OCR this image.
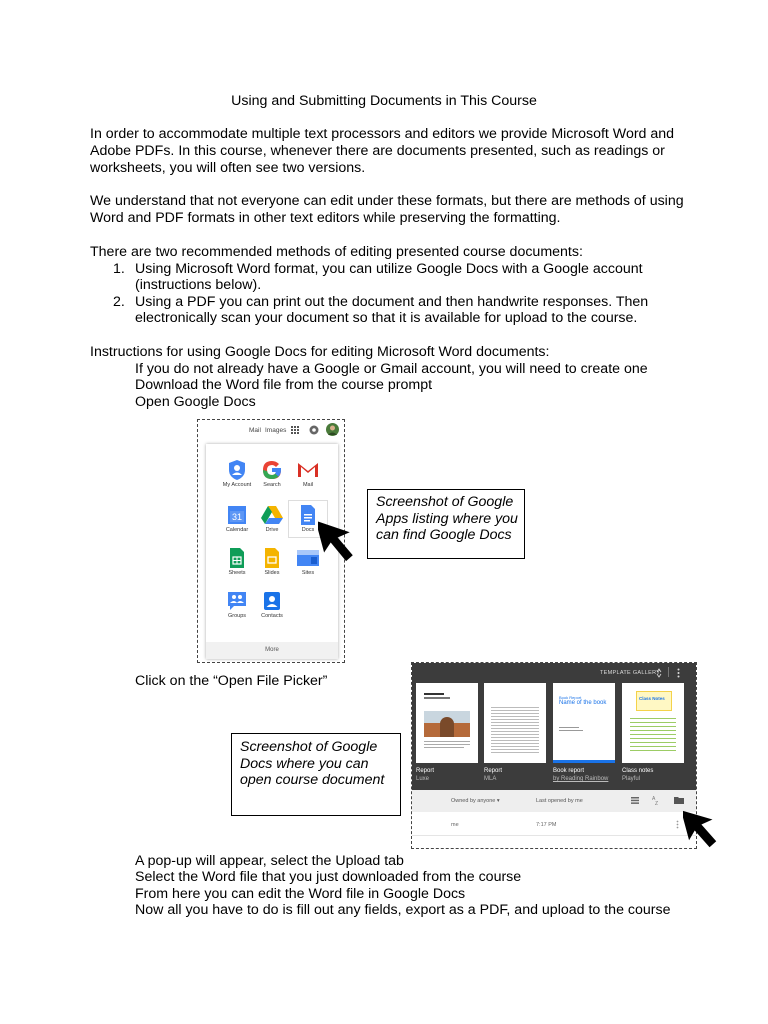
Using and Submitting Documents in This Course
In order to accommodate multiple text processors and editors we provide Microsoft Word and
Adobe PDFs. In this course, whenever there are documents presented, such as readings or
worksheets, you will often see two versions.
We understand that not everyone can edit under these formats, but there are methods of using
Word and PDF formats in other text editors while preserving the formatting.
There are two recommended methods of editing presented course documents:
1. Using Microsoft Word format, you can utilize Google Docs with a Google account
(instructions below).
2. Using a PDF you can print out the document and then handwrite responses. Then
electronically scan your document so that it is available for upload to the course.
Instructions for using Google Docs for editing Microsoft Word documents:
If you do not already have a Google or Gmail account, you will need to create one
Download the Word file from the course prompt
Open Google Docs
Mail Images
My Account	Search	Mail
31
Calendar	Drive	Docs
Sheets	Slides	Sites
Groups	Contacts
More
Screenshot of Google
Apps listing where you
can find Google Docs
Click on the “Open File Picker”
Screenshot of Google
Docs where you can
open course document
TEMPLATE GALLERY
Book Report
Name of the book
Class Notes
Report
Luxe
Report
MLA
Book report
by Reading Rainbow
Class notes
Playful
Owned by anyone ▾	Last opened by me	A
Z
me	7:17 PM
A pop-up will appear, select the Upload tab
Select the Word file that you just downloaded from the course
From here you can edit the Word file in Google Docs
Now all you have to do is fill out any fields, export as a PDF, and upload to the course
